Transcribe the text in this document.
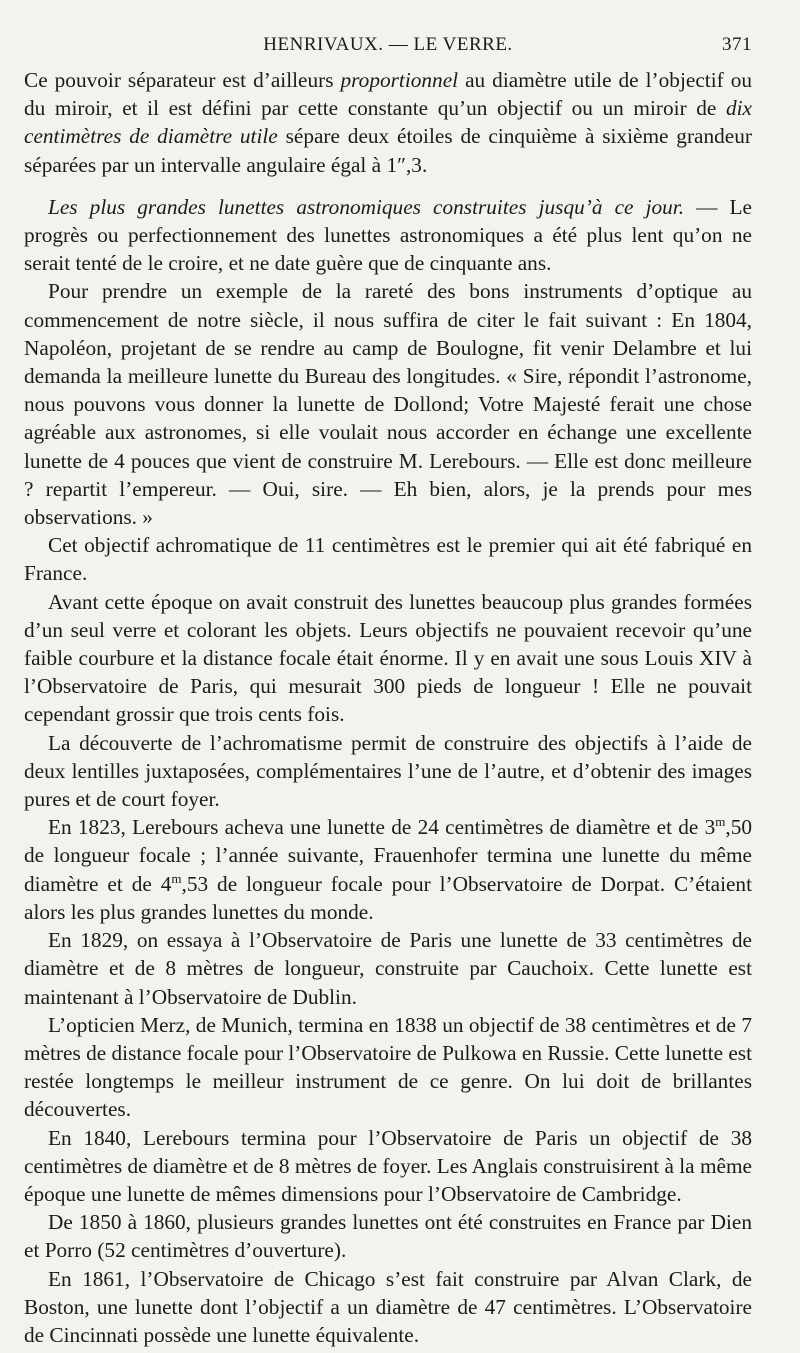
HENRIVAUX. — LE VERRE.	371

Ce pouvoir séparateur est d’ailleurs proportionnel au diamètre utile de l’objectif ou du miroir, et il est défini par cette constante qu’un objectif ou un miroir de dix centimètres de diamètre utile sépare deux étoiles de cinquième à sixième grandeur séparées par un intervalle angulaire égal à 1″,3.

Les plus grandes lunettes astronomiques construites jusqu’à ce jour. — Le progrès ou perfectionnement des lunettes astronomiques a été plus lent qu’on ne serait tenté de le croire, et ne date guère que de cinquante ans.

Pour prendre un exemple de la rareté des bons instruments d’optique au commencement de notre siècle, il nous suffira de citer le fait suivant : En 1804, Napoléon, projetant de se rendre au camp de Boulogne, fit venir Delambre et lui demanda la meilleure lunette du Bureau des longitudes. « Sire, répondit l’astronome, nous pouvons vous donner la lunette de Dollond; Votre Majesté ferait une chose agréable aux astronomes, si elle voulait nous accorder en échange une excellente lunette de 4 pouces que vient de construire M. Lerebours. — Elle est donc meilleure ? repartit l’empereur. — Oui, sire. — Eh bien, alors, je la prends pour mes observations. »

Cet objectif achromatique de 11 centimètres est le premier qui ait été fabriqué en France.

Avant cette époque on avait construit des lunettes beaucoup plus grandes formées d’un seul verre et colorant les objets. Leurs objectifs ne pouvaient recevoir qu’une faible courbure et la distance focale était énorme. Il y en avait une sous Louis XIV à l’Observatoire de Paris, qui mesurait 300 pieds de longueur ! Elle ne pouvait cependant grossir que trois cents fois.

La découverte de l’achromatisme permit de construire des objectifs à l’aide de deux lentilles juxtaposées, complémentaires l’une de l’autre, et d’obtenir des images pures et de court foyer.

En 1823, Lerebours acheva une lunette de 24 centimètres de diamètre et de 3$^m$,50 de longueur focale ; l’année suivante, Frauenhofer termina une lunette du même diamètre et de 4$^m$,53 de longueur focale pour l’Observatoire de Dorpat. C’étaient alors les plus grandes lunettes du monde.

En 1829, on essaya à l’Observatoire de Paris une lunette de 33 centimètres de diamètre et de 8 mètres de longueur, construite par Cauchoix. Cette lunette est maintenant à l’Observatoire de Dublin.

L’opticien Merz, de Munich, termina en 1838 un objectif de 38 centimètres et de 7 mètres de distance focale pour l’Observatoire de Pulkowa en Russie. Cette lunette est restée longtemps le meilleur instrument de ce genre. On lui doit de brillantes découvertes.

En 1840, Lerebours termina pour l’Observatoire de Paris un objectif de 38 centimètres de diamètre et de 8 mètres de foyer. Les Anglais construisirent à la même époque une lunette de mêmes dimensions pour l’Observatoire de Cambridge.

De 1850 à 1860, plusieurs grandes lunettes ont été construites en France par Dien et Porro (52 centimètres d’ouverture).

En 1861, l’Observatoire de Chicago s’est fait construire par Alvan Clark, de Boston, une lunette dont l’objectif a un diamètre de 47 centimètres. L’Observatoire de Cincinnati possède une lunette équivalente.
